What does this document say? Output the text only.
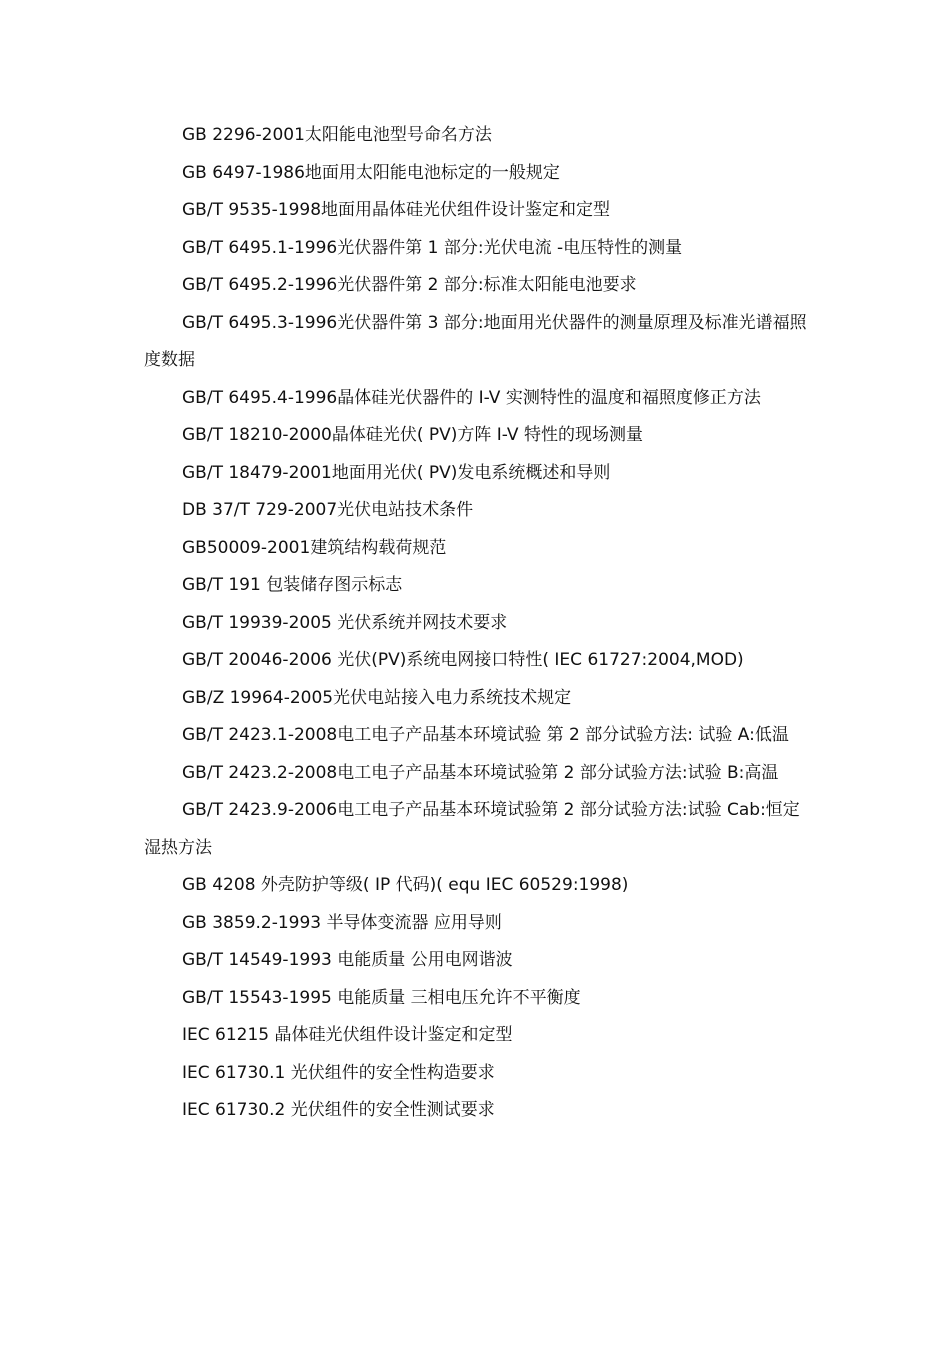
GB 2296-2001太阳能电池型号命名方法

GB 6497-1986地面用太阳能电池标定的一般规定

GB/T 9535-1998地面用晶体硅光伏组件设计鉴定和定型

GB/T 6495.1-1996光伏器件第 1 部分:光伏电流 -电压特性的测量

GB/T 6495.2-1996光伏器件第 2 部分:标准太阳能电池要求

GB/T 6495.3-1996光伏器件第 3 部分:地面用光伏器件的测量原理及标准光谱福照度数据

GB/T 6495.4-1996晶体硅光伏器件的 I-V 实测特性的温度和福照度修正方法

GB/T 18210-2000晶体硅光伏( PV)方阵 I-V 特性的现场测量

GB/T 18479-2001地面用光伏( PV)发电系统概述和导则

DB 37/T 729-2007光伏电站技术条件

GB50009-2001建筑结构载荷规范

GB/T 191 包装储存图示标志

GB/T 19939-2005 光伏系统并网技术要求

GB/T 20046-2006 光伏(PV)系统电网接口特性( IEC 61727:2004,MOD)

GB/Z 19964-2005光伏电站接入电力系统技术规定

GB/T 2423.1-2008电工电子产品基本环境试验 第 2 部分试验方法: 试验 A:低温

GB/T 2423.2-2008电工电子产品基本环境试验第 2 部分试验方法:试验 B:高温

GB/T 2423.9-2006电工电子产品基本环境试验第 2 部分试验方法:试验 Cab:恒定湿热方法

GB 4208 外壳防护等级( IP 代码)( equ IEC 60529:1998)

GB 3859.2-1993 半导体变流器 应用导则

GB/T 14549-1993 电能质量 公用电网谐波

GB/T 15543-1995 电能质量 三相电压允许不平衡度

IEC 61215 晶体硅光伏组件设计鉴定和定型

IEC 61730.1 光伏组件的安全性构造要求

IEC 61730.2 光伏组件的安全性测试要求
